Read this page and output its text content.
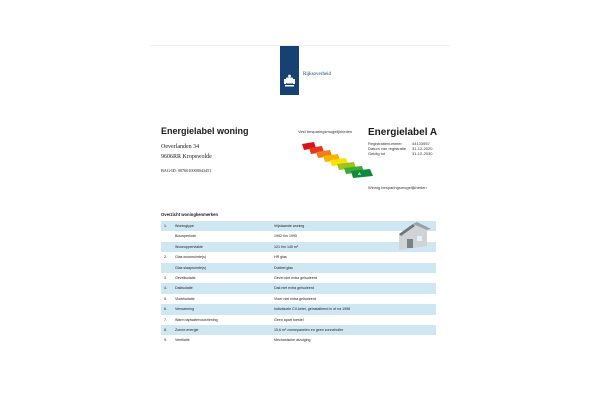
Rijksoverheid
Energielabel woning
Oeverlanden 34
9606RR Kropswolde
BAG-ID: 0076010000043451
Veel besparingsmogelijkheden Energielabel A
Registratienummer	44133957
Datum van registratie 31-12-2020
Geldig tot	31-12-2030
A
Weinig besparingsmogelijkheden
Overzicht woningkenmerken
1. Woningtype	Vrijstaande woning
Bouwperiode	1992 t/m 1995
Woonoppervlakte	121 t/m 140 m²
2. Glas woonruimte(s)	HR glas
Glas slaapruimte(s)	Dubbel glas
3. Gevelisolatie	Gevel niet extra geïsoleerd
4. Dakisolatie	Dak niet extra geïsoleerd
5. Vloerisolatie	Vloer niet extra geïsoleerd
6. Verwarming	Individuele CV-ketel, geïnstalleerd in of na 1998
7. Warm tapwatervoorziening	Geen apart toestel
8. Zonne-energie	15,6 m² zonnepanelen en geen zonneboiler
9. Ventilatie	Mechanische afzuiging
